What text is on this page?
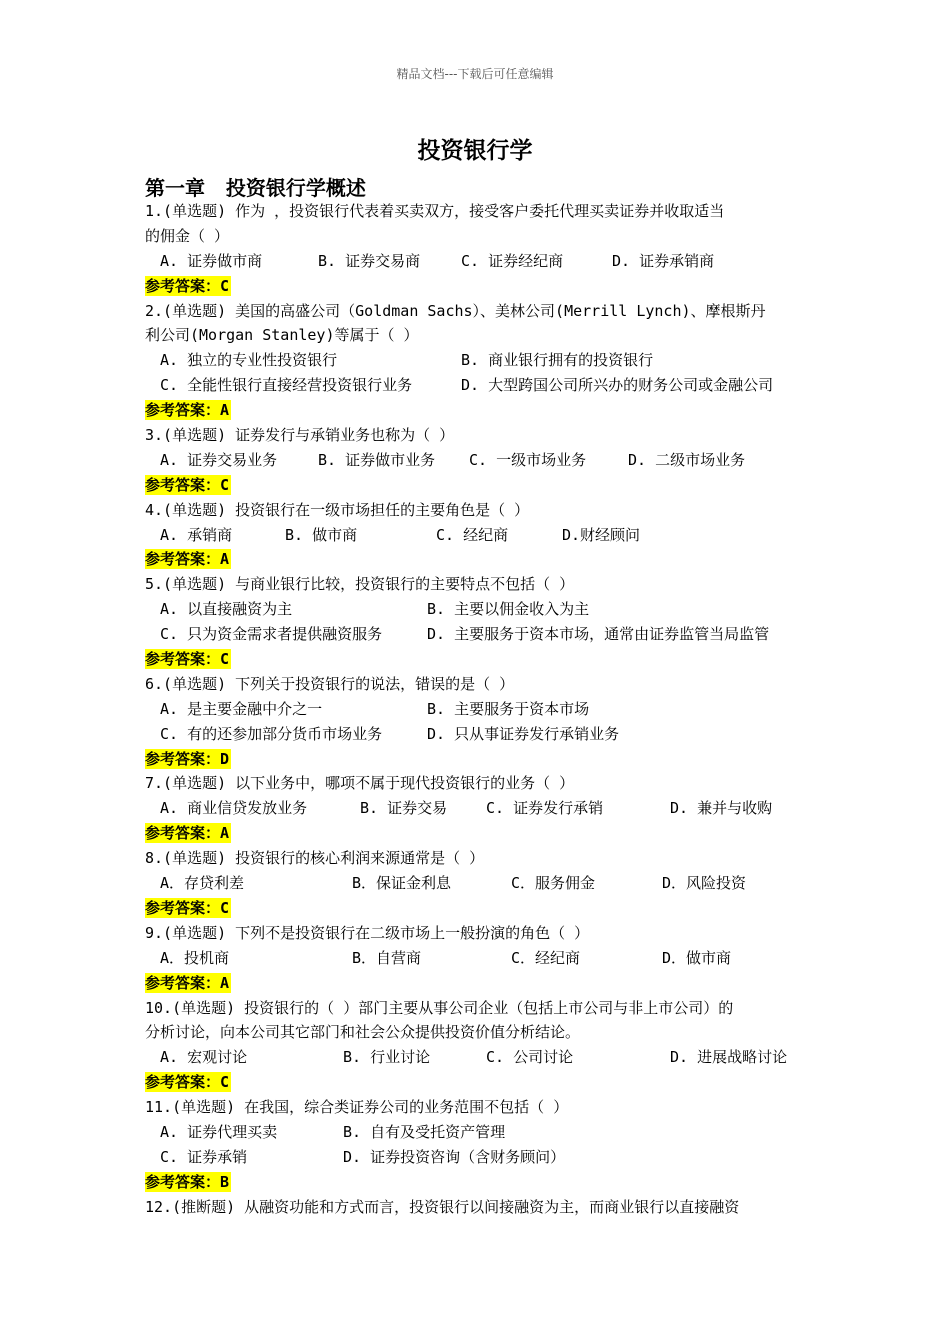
精品文档---下载后可任意编辑
投资银行学
第一章   投资银行学概述
1.(单选题) 作为 ，投资银行代表着买卖双方，接受客户委托代理买卖证券并收取适当
的佣金（ ）
A. 证券做市商	B. 证券交易商	C. 证券经纪商	D. 证券承销商
参考答案：C
2.(单选题) 美国的高盛公司（Goldman Sachs）、美林公司(Merrill Lynch)、摩根斯丹
利公司(Morgan Stanley)等属于（ ）
A. 独立的专业性投资银行	B. 商业银行拥有的投资银行
C. 全能性银行直接经营投资银行业务	D. 大型跨国公司所兴办的财务公司或金融公司
参考答案：A
3.(单选题) 证券发行与承销业务也称为（ ）
A. 证券交易业务	B. 证券做市业务 C. 一级市场业务	D. 二级市场业务
参考答案：C
4.(单选题) 投资银行在一级市场担任的主要角色是（ ）
A. 承销商	B. 做市商	C. 经纪商	D.财经顾问
参考答案：A
5.(单选题) 与商业银行比较，投资银行的主要特点不包括（ ）
A. 以直接融资为主	B. 主要以佣金收入为主
C. 只为资金需求者提供融资服务	D. 主要服务于资本市场，通常由证券监管当局监管
参考答案：C
6.(单选题) 下列关于投资银行的说法，错误的是（ ）
A. 是主要金融中介之一	B. 主要服务于资本市场
C. 有的还参加部分货币市场业务	D. 只从事证券发行承销业务
参考答案：D
7.(单选题) 以下业务中，哪项不属于现代投资银行的业务（ ）
A. 商业信贷发放业务	B. 证券交易	C. 证券发行承销	D. 兼并与收购
参考答案：A
8.(单选题) 投资银行的核心利润来源通常是（ ）
A．存贷利差	B．保证金利息	C．服务佣金	D．风险投资
参考答案：C
9.(单选题) 下列不是投资银行在二级市场上一般扮演的角色（ ）
A．投机商	B．自营商	C．经纪商	D．做市商
参考答案：A
10.(单选题) 投资银行的（ ）部门主要从事公司企业（包括上市公司与非上市公司）的
分析讨论，向本公司其它部门和社会公众提供投资价值分析结论。
A. 宏观讨论	B. 行业讨论	C. 公司讨论	D. 进展战略讨论
参考答案：C
11.(单选题) 在我国，综合类证券公司的业务范围不包括（ ）
A. 证券代理买卖	B. 自有及受托资产管理
C. 证券承销	D. 证券投资咨询（含财务顾问）
参考答案：B
12.(推断题) 从融资功能和方式而言，投资银行以间接融资为主，而商业银行以直接融资
